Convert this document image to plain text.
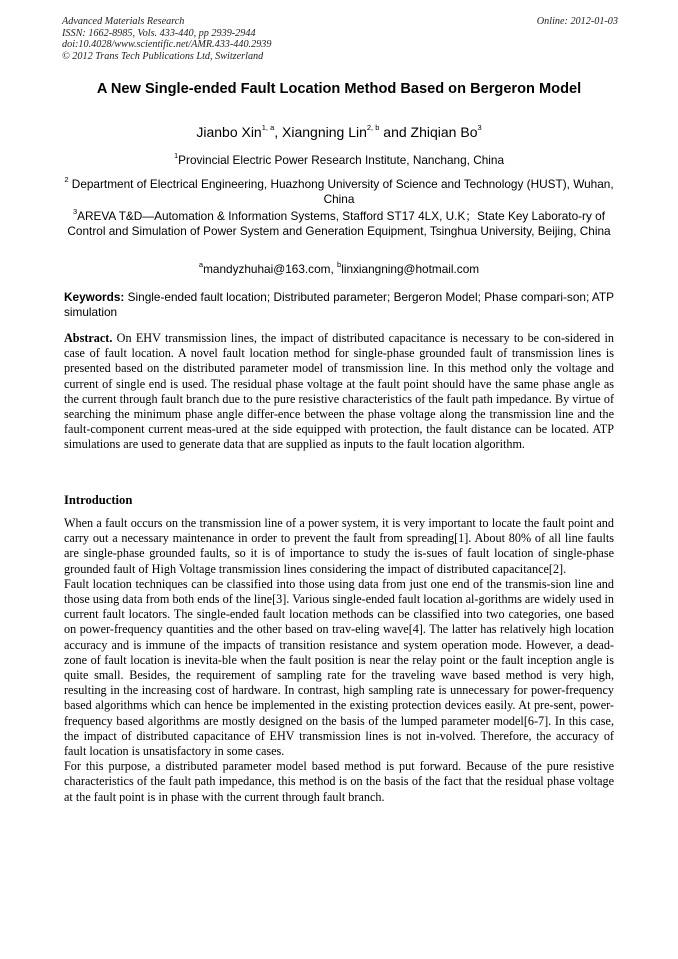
Advanced Materials Research
ISSN: 1662-8985, Vols. 433-440, pp 2939-2944
doi:10.4028/www.scientific.net/AMR.433-440.2939
© 2012 Trans Tech Publications Ltd, Switzerland
Online: 2012-01-03
A New Single-ended Fault Location Method Based on Bergeron Model
Jianbo Xin$^{1, a}$, Xiangning Lin$^{2, b}$ and Zhiqian Bo$^3$
$^1$Provincial Electric Power Research Institute, Nanchang, China
$^2$ Department of Electrical Engineering, Huazhong University of Science and Technology (HUST), Wuhan, China
$^3$AREVA T&D—Automation & Information Systems, Stafford ST17 4LX, U.K；State Key Laborato-ry of Control and Simulation of Power System and Generation Equipment, Tsinghua University, Beijing, China
$^a$mandyzhuhai@163.com, $^b$linxiangning@hotmail.com
Keywords: Single-ended fault location; Distributed parameter; Bergeron Model; Phase compari-son; ATP simulation
Abstract. On EHV transmission lines, the impact of distributed capacitance is necessary to be con-sidered in case of fault location. A novel fault location method for single-phase grounded fault of transmission lines is presented based on the distributed parameter model of transmission line. In this method only the voltage and current of single end is used. The residual phase voltage at the fault point should have the same phase angle as the current through fault branch due to the pure resistive characteristics of the fault path impedance. By virtue of searching the minimum phase angle differ-ence between the phase voltage along the transmission line and the fault-component current meas-ured at the side equipped with protection, the fault distance can be located. ATP simulations are used to generate data that are supplied as inputs to the fault location algorithm.
Introduction

When a fault occurs on the transmission line of a power system, it is very important to locate the fault point and carry out a necessary maintenance in order to prevent the fault from spreading[1]. About 80% of all line faults are single-phase grounded faults, so it is of importance to study the is-sues of fault location of single-phase grounded fault of High Voltage transmission lines considering the impact of distributed capacitance[2].

Fault location techniques can be classified into those using data from just one end of the transmis-sion line and those using data from both ends of the line[3]. Various single-ended fault location al-gorithms are widely used in current fault locators. The single-ended fault location methods can be classified into two categories, one based on power-frequency quantities and the other based on trav-eling wave[4]. The latter has relatively high location accuracy and is immune of the impacts of transition resistance and system operation mode. However, a dead-zone of fault location is inevita-ble when the fault position is near the relay point or the fault inception angle is quite small. Besides, the requirement of sampling rate for the traveling wave based method is very high, resulting in the increasing cost of hardware. In contrast, high sampling rate is unnecessary for power-frequency based algorithms which can hence be implemented in the existing protection devices easily. At pre-sent, power-frequency based algorithms are mostly designed on the basis of the lumped parameter model[6-7]. In this case, the impact of distributed capacitance of EHV transmission lines is not in-volved. Therefore, the accuracy of fault location is unsatisfactory in some cases.

For this purpose, a distributed parameter model based method is put forward. Because of the pure resistive characteristics of the fault path impedance, this method is on the basis of the fact that the residual phase voltage at the fault point is in phase with the current through fault branch.
